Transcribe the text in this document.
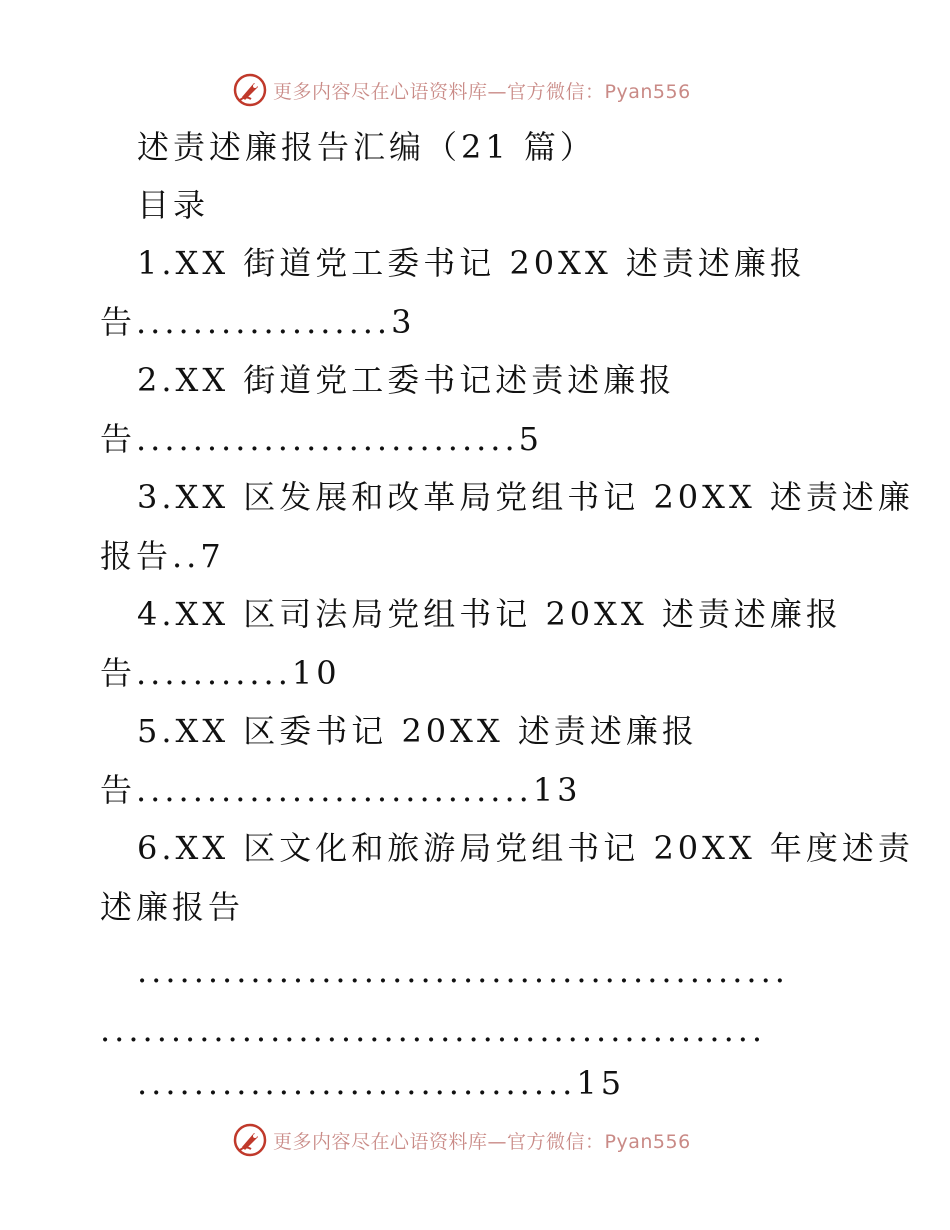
更多内容尽在心语资料库—官方微信：Pyan556
述责述廉报告汇编（21 篇）
目录
1.XX 街道党工委书记 20XX 述责述廉报
告..................3
2.XX 街道党工委书记述责述廉报
告...........................5
3.XX 区发展和改革局党组书记 20XX 述责述廉
报告..7
4.XX 区司法局党组书记 20XX 述责述廉报
告...........10
5.XX 区委书记 20XX 述责述廉报
告............................13
6.XX 区文化和旅游局党组书记 20XX 年度述责
述廉报告
..............................................
...............................................
...............................15
更多内容尽在心语资料库—官方微信：Pyan556
